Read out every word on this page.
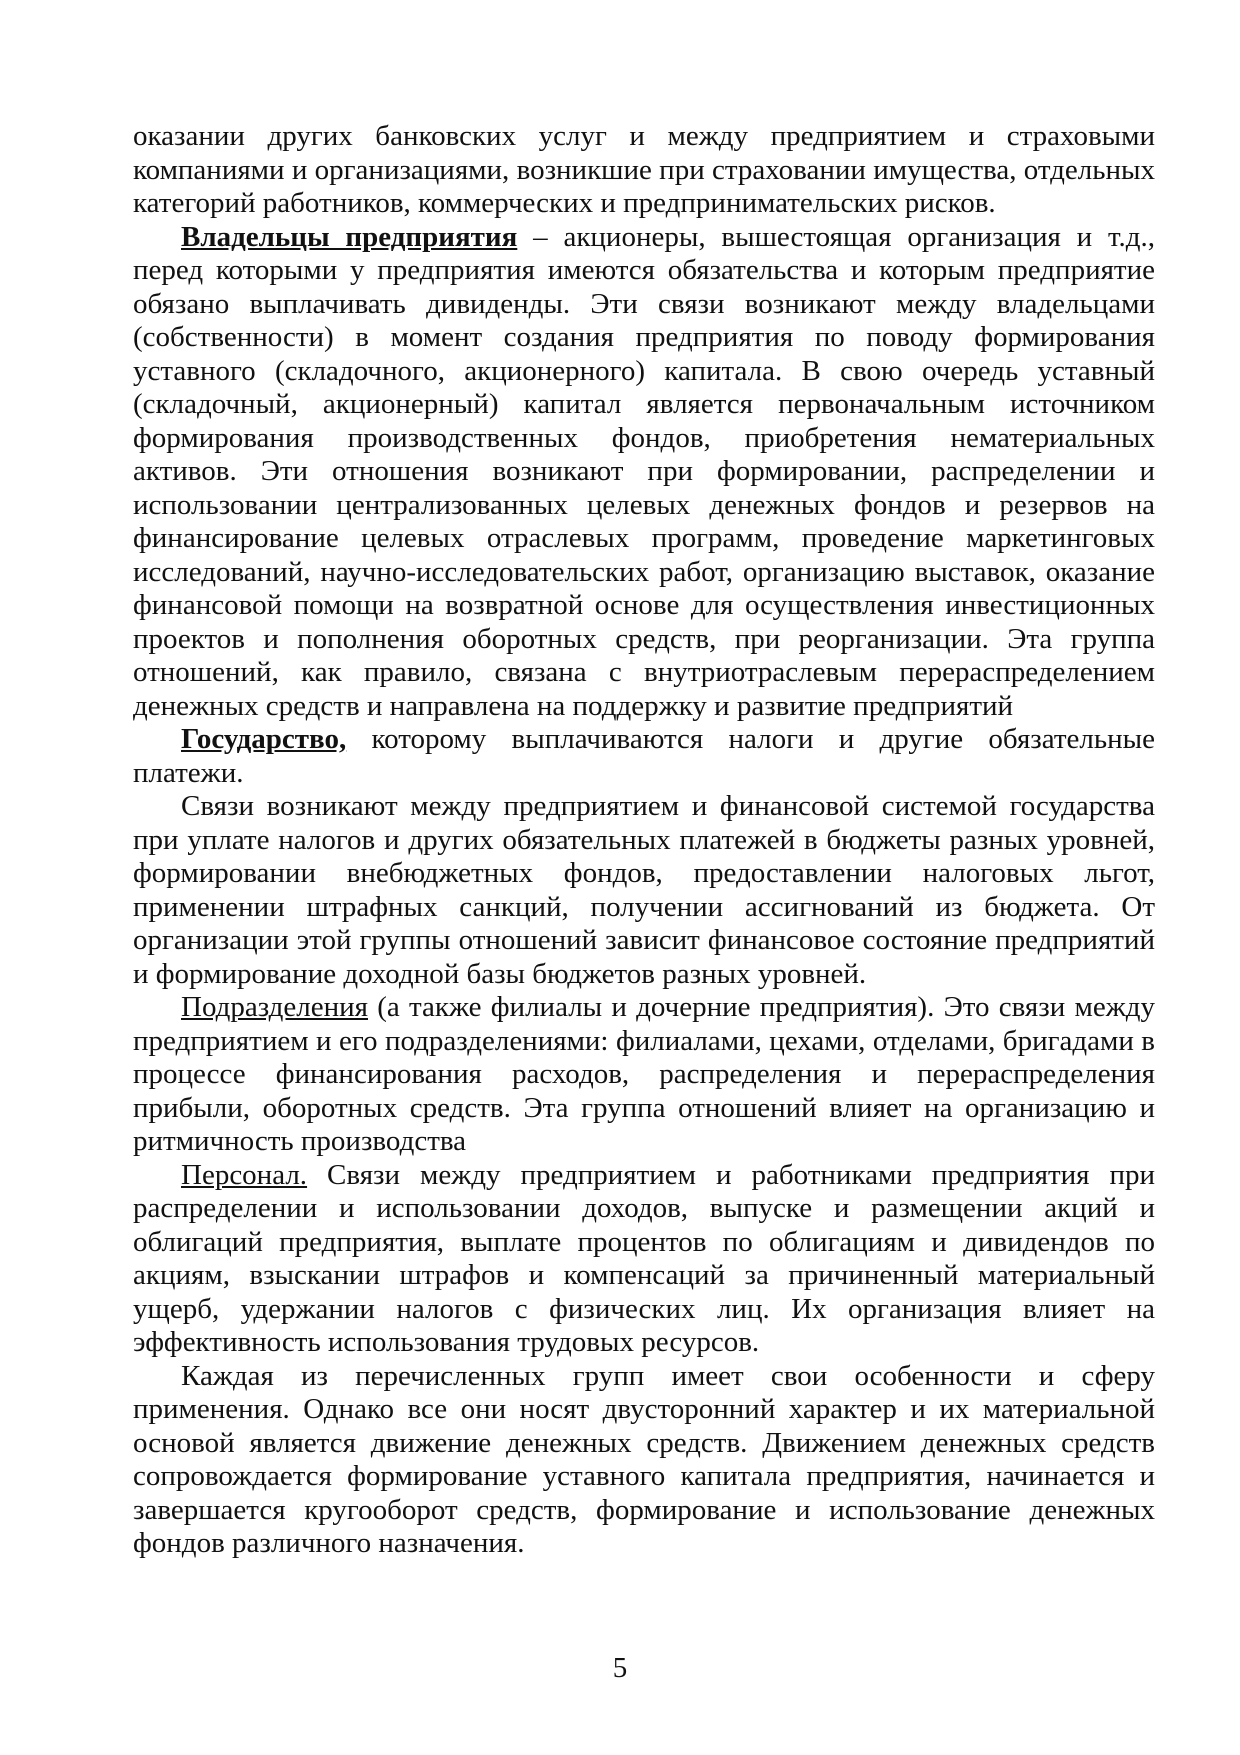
оказании других банковских услуг и между предприятием и страховыми компаниями и организациями, возникшие при страховании имущества, отдельных категорий работников, коммерческих и предпринимательских рисков.

Владельцы предприятия – акционеры, вышестоящая организация и т.д., перед которыми у предприятия имеются обязательства и которым предприятие обязано выплачивать дивиденды. Эти связи возникают между владельцами (собственности) в момент создания предприятия по поводу формирования уставного (складочного, акционерного) капитала. В свою очередь уставный (складочный, акционерный) капитал является первоначальным источником формирования производственных фондов, приобретения нематериальных активов. Эти отношения возникают при формировании, распределении и использовании централизованных целевых денежных фондов и резервов на финансирование целевых отраслевых программ, проведение маркетинговых исследований, научно-исследовательских работ, организацию выставок, оказание финансовой помощи на возвратной основе для осуществления инвестиционных проектов и пополнения оборотных средств, при реорганизации. Эта группа отношений, как правило, связана с внутриотраслевым перераспределением денежных средств и направлена на поддержку и развитие предприятий

Государство, которому выплачиваются налоги и другие обязательные платежи.

Связи возникают между предприятием и финансовой системой государства при уплате налогов и других обязательных платежей в бюджеты разных уровней, формировании внебюджетных фондов, предоставлении налоговых льгот, применении штрафных санкций, получении ассигнований из бюджета. От организации этой группы отношений зависит финансовое состояние предприятий и формирование доходной базы бюджетов разных уровней.

Подразделения (а также филиалы и дочерние предприятия). Это связи между предприятием и его подразделениями: филиалами, цехами, отделами, бригадами в процессе финансирования расходов, распределения и перераспределения прибыли, оборотных средств. Эта группа отношений влияет на организацию и ритмичность производства

Персонал. Связи между предприятием и работниками предприятия при распределении и использовании доходов, выпуске и размещении акций и облигаций предприятия, выплате процентов по облигациям и дивидендов по акциям, взыскании штрафов и компенсаций за причиненный материальный ущерб, удержании налогов с физических лиц. Их организация влияет на эффективность использования трудовых ресурсов.

Каждая из перечисленных групп имеет свои особенности и сферу применения. Однако все они носят двусторонний характер и их материальной основой является движение денежных средств. Движением денежных средств сопровождается формирование уставного капитала предприятия, начинается и завершается кругооборот средств, формирование и использование денежных фондов различного назначения.

5
